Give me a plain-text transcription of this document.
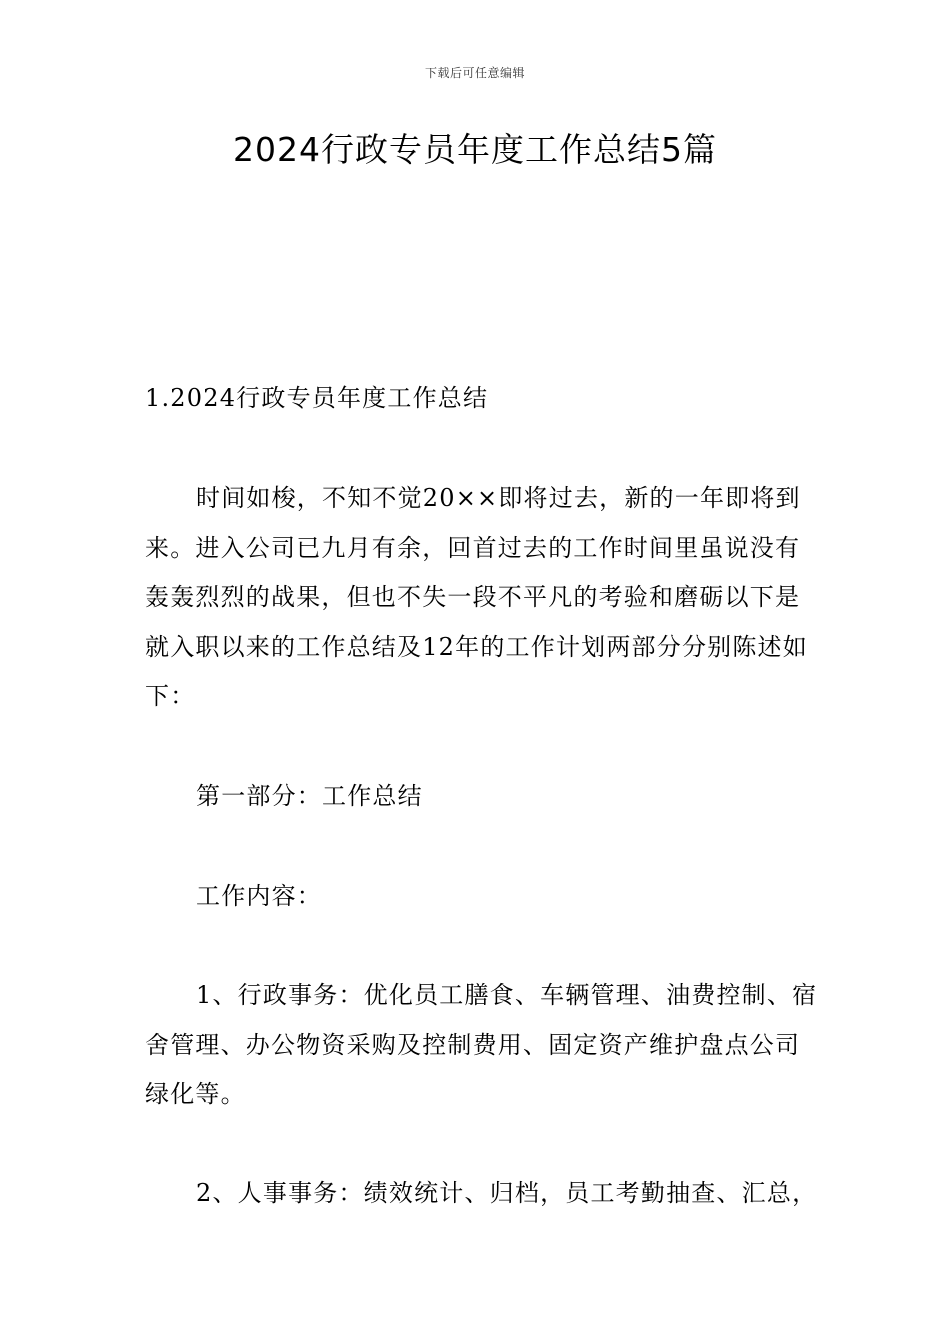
下载后可任意编辑
2024行政专员年度工作总结5篇

1.2024行政专员年度工作总结

时间如梭，不知不觉20××即将过去，新的一年即将到来。进入公司已九月有余，回首过去的工作时间里虽说没有轰轰烈烈的战果，但也不失一段不平凡的考验和磨砺以下是就入职以来的工作总结及12年的工作计划两部分分别陈述如下：

第一部分：工作总结

工作内容：

1、行政事务：优化员工膳食、车辆管理、油费控制、宿舍管理、办公物资采购及控制费用、固定资产维护盘点公司绿化等。

2、人事事务：绩效统计、归档，员工考勤抽查、汇总，
